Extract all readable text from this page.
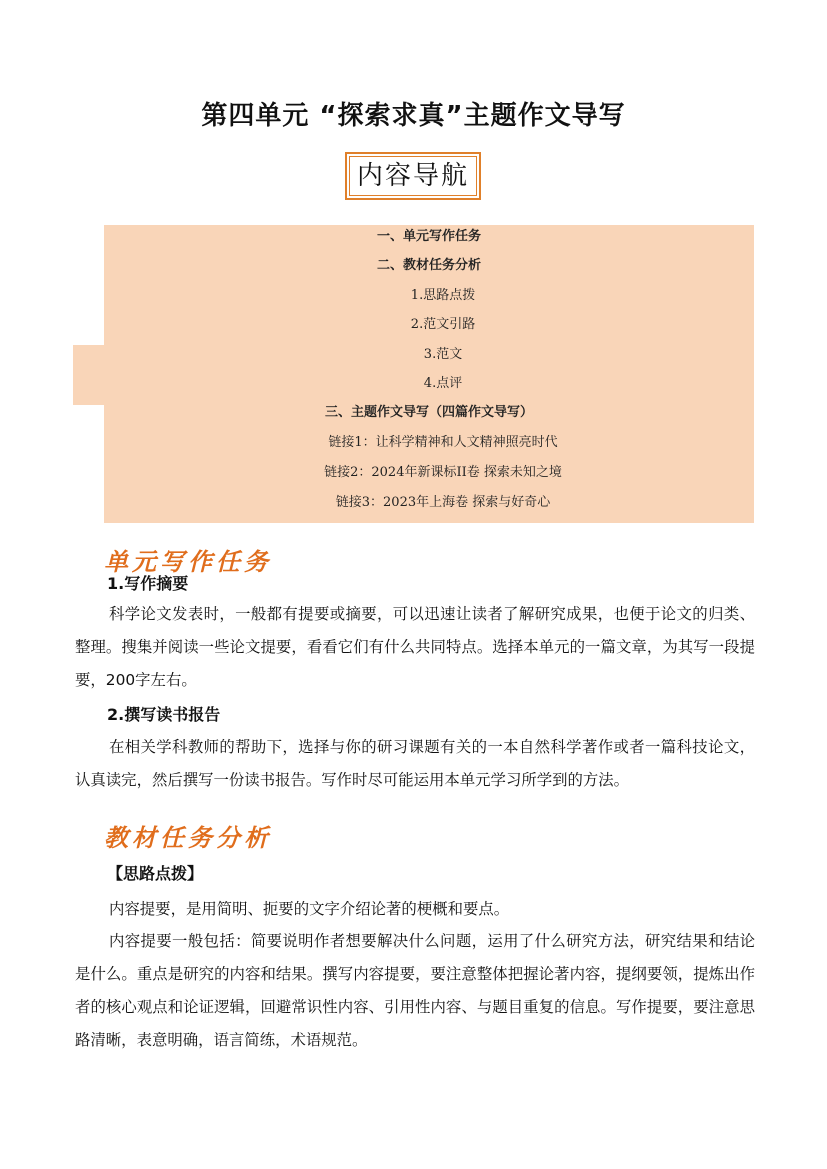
第四单元 “探索求真”主题作文导写
内容导航
一、单元写作任务
二、教材任务分析
1.思路点拨
2.范文引路
3.范文
4.点评
三、主题作文导写（四篇作文导写）
链接1：让科学精神和人文精神照亮时代
链接2：2024年新课标II卷 探索未知之境
链接3：2023年上海卷 探索与好奇心
单元写作任务
1.写作摘要
科学论文发表时，一般都有提要或摘要，可以迅速让读者了解研究成果，也便于论文的归类、整理。搜集并阅读一些论文提要，看看它们有什么共同特点。选择本单元的一篇文章，为其写一段提要，200字左右。
2.撰写读书报告
在相关学科教师的帮助下，选择与你的研习课题有关的一本自然科学著作或者一篇科技论文，认真读完，然后撰写一份读书报告。写作时尽可能运用本单元学习所学到的方法。
教材任务分析
【思路点拨】
内容提要，是用简明、扼要的文字介绍论著的梗概和要点。
内容提要一般包括：简要说明作者想要解决什么问题，运用了什么研究方法，研究结果和结论是什么。重点是研究的内容和结果。撰写内容提要，要注意整体把握论著内容，提纲要领，提炼出作者的核心观点和论证逻辑，回避常识性内容、引用性内容、与题目重复的信息。写作提要，要注意思路清晰，表意明确，语言简练，术语规范。
